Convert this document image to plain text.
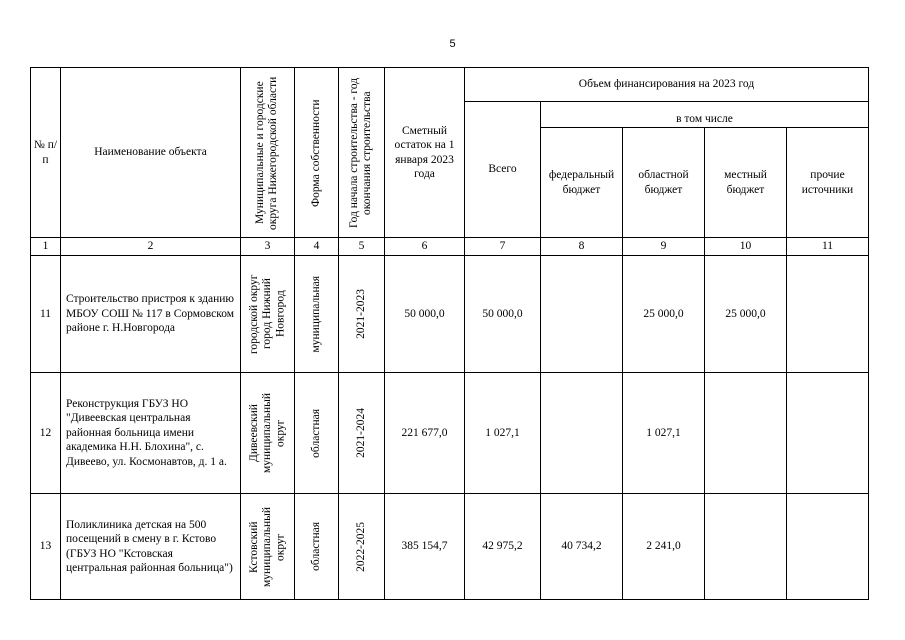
5
№ п/п	Наименование объекта	Муниципальные и городские округа Нижегородской области	Форма собственности	Год начала строительства - год окончания строительства	Сметный остаток на 1 января 2023 года	Объем финансирования на 2023 год				
						Всего	в том числе			

							федеральный бюджет	областной бюджет	местный бюджет	прочие источники

1	2	3	4	5	6	7	8	9	10	11
11	Строительство пристроя к зданию МБОУ СОШ № 117 в Сормовском районе г. Н.Новгорода	городской округ город Нижний Новгород	муниципальная	2021-2023	50 000,0	50 000,0		25 000,0	25 000,0	
12	Реконструкция ГБУЗ НО "Дивеевская центральная районная больница имени академика Н.Н. Блохина", с. Дивеево, ул. Космонавтов, д. 1 а.	Дивеевский муниципальный округ	областная	2021-2024	221 677,0	1 027,1		1 027,1		
13	Поликлиника детская на 500 посещений в смену в г. Кстово (ГБУЗ НО "Кстовская центральная районная больница")	Кстовский муниципальный округ	областная	2022-2025	385 154,7	42 975,2	40 734,2	2 241,0		
